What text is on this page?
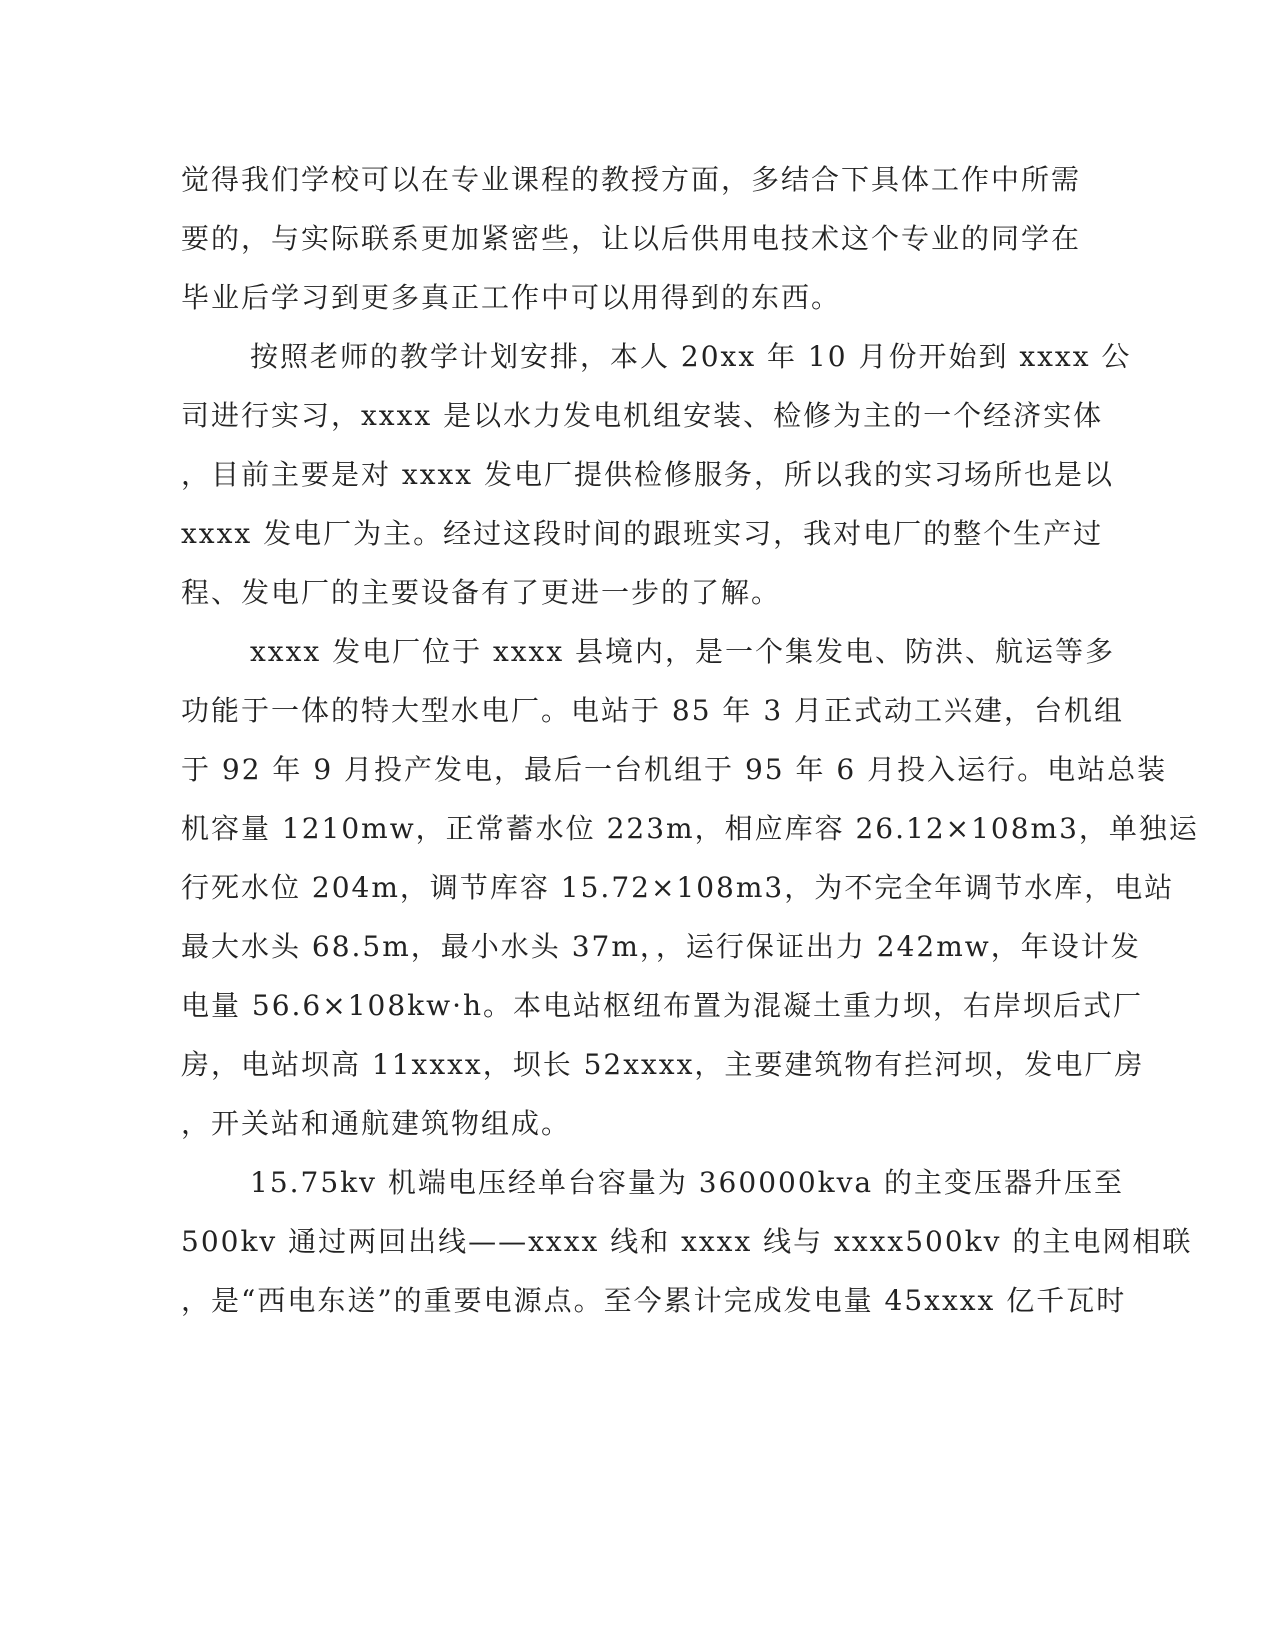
觉得我们学校可以在专业课程的教授方面，多结合下具体工作中所需
要的，与实际联系更加紧密些，让以后供用电技术这个专业的同学在
毕业后学习到更多真正工作中可以用得到的东西。
按照老师的教学计划安排，本人 20xx 年 10 月份开始到 xxxx 公
司进行实习，xxxx 是以水力发电机组安装、检修为主的一个经济实体
，目前主要是对 xxxx 发电厂提供检修服务，所以我的实习场所也是以
xxxx 发电厂为主。经过这段时间的跟班实习，我对电厂的整个生产过
程、发电厂的主要设备有了更进一步的了解。
xxxx 发电厂位于 xxxx 县境内，是一个集发电、防洪、航运等多
功能于一体的特大型水电厂。电站于 85 年 3 月正式动工兴建，台机组
于 92 年 9 月投产发电，最后一台机组于 95 年 6 月投入运行。电站总装
机容量 1210mw，正常蓄水位 223m，相应库容 26.12×108m3，单独运
行死水位 204m，调节库容 15.72×108m3，为不完全年调节水库，电站
最大水头 68.5m，最小水头 37m，，运行保证出力 242mw，年设计发
电量 56.6×108kw·h。本电站枢纽布置为混凝土重力坝，右岸坝后式厂
房，电站坝高 11xxxx，坝长 52xxxx，主要建筑物有拦河坝，发电厂房
，开关站和通航建筑物组成。
15.75kv 机端电压经单台容量为 360000kva 的主变压器升压至
500kv 通过两回出线——xxxx 线和 xxxx 线与 xxxx500kv 的主电网相联
，是“西电东送”的重要电源点。至今累计完成发电量 45xxxx 亿千瓦时
